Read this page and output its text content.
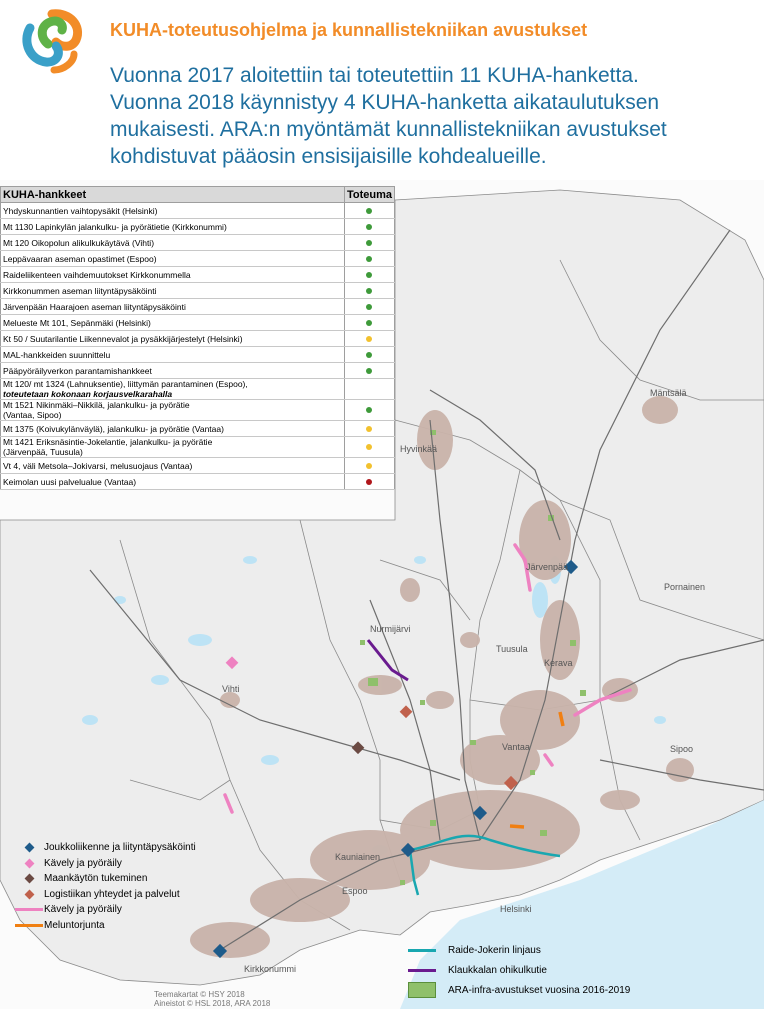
KUHA-toteutusohjelma ja kunnallistekniikan avustukset
Vuonna 2017 aloitettiin tai toteutettiin 11 KUHA-hanketta.
Vuonna 2018 käynnistyy 4 KUHA-hanketta aikataulutuksen
mukaisesti. ARA:n myöntämät kunnallistekniikan avustukset
kohdistuvat pääosin ensisijaisille kohdealueille.
Mäntsälä
Hyvinkää
Järvenpää
Pornainen
Nurmijärvi
Tuusula
Kerava
Vihti
Vantaa	Sipoo
Kauniainen
Espoo
Helsinki
Kirkkonummi
KUHA-hankkeet	Toteuma

Yhdyskunnantien vaihtopysäkit (Helsinki)	

Mt 1130 Lapinkylän jalankulku- ja pyörätietie (Kirkkonummi)	

Mt 120 Oikopolun alikulkukäytävä (Vihti)	

Leppävaaran aseman opastimet (Espoo)	

Raideliikenteen vaihdemuutokset Kirkkonummella	

Kirkkonummen aseman liityntäpysäköinti	

Järvenpään Haarajoen aseman liityntäpysäköinti	

Melueste Mt 101, Sepänmäki (Helsinki)	

Kt 50 / Suutarilantie Liikennevalot ja pysäkkijärjestelyt (Helsinki)	

MAL-hankkeiden suunnittelu	

Pääpyöräilyverkon parantamishankkeet	

Mt 120/ mt 1324 (Lahnuksentie), liittymän parantaminen (Espoo),
toteutetaan kokonaan korjausvelkarahalla	

Mt 1521 Nikinmäki–Nikkilä, jalankulku- ja pyörätie
(Vantaa, Sipoo)	

Mt 1375 (Koivukylänväylä), jalankulku- ja pyörätie (Vantaa)	

Mt 1421 Eriksnäsintie-Jokelantie, jalankulku- ja pyörätie
(Järvenpää, Tuusula)	

Vt 4, väli Metsola–Jokivarsi, melusuojaus (Vantaa)	

Keimolan uusi palvelualue (Vantaa)	

Joukkoliikenne ja liityntäpysäköinti
Kävely ja pyöräily
Maankäytön tukeminen
Logistiikan yhteydet ja palvelut
Kävely ja pyöräily
Meluntorjunta
Raide-Jokerin linjaus
Klaukkalan ohikulkutie
ARA-infra-avustukset vuosina 2016-2019
Teemakartat © HSY 2018
Aineistot © HSL 2018, ARA 2018
